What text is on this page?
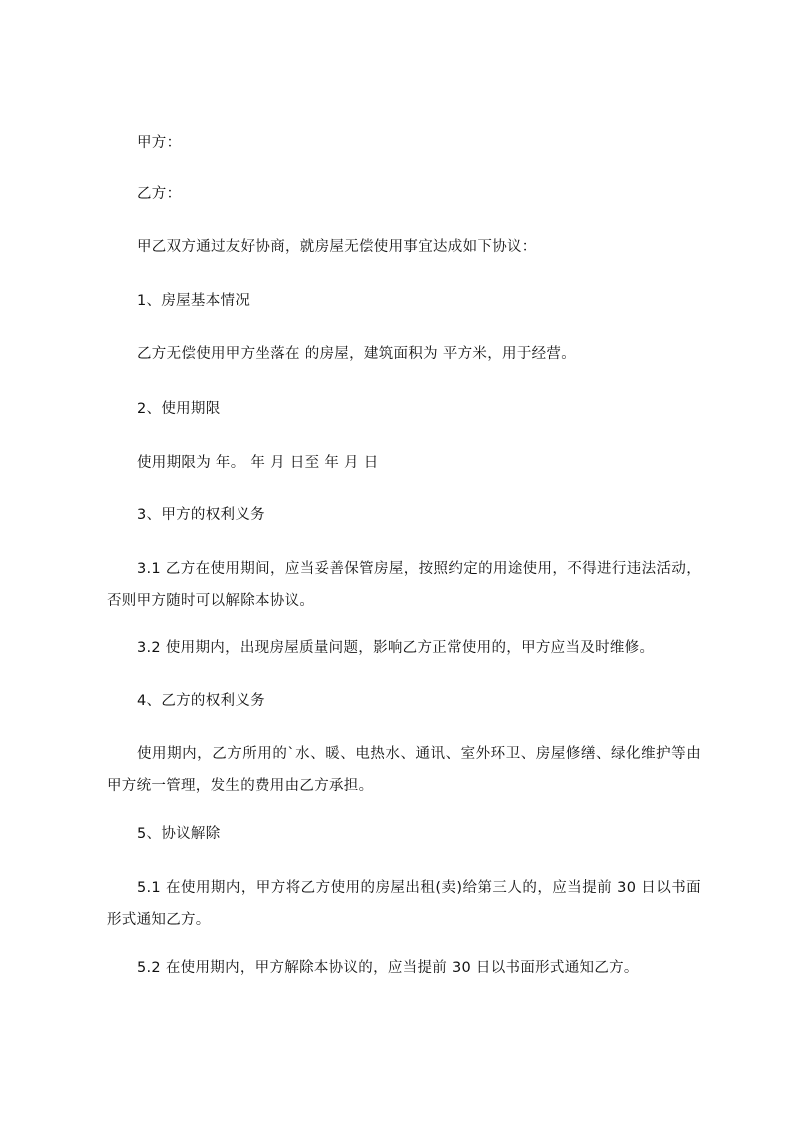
甲方：
乙方：
甲乙双方通过友好协商，就房屋无偿使用事宜达成如下协议：
1、房屋基本情况
乙方无偿使用甲方坐落在 的房屋，建筑面积为 平方米，用于经营。
2、使用期限
使用期限为 年。 年 月 日至 年 月 日
3、甲方的权利义务
3.1 乙方在使用期间，应当妥善保管房屋，按照约定的用途使用，不得进行违法活动，否则甲方随时可以解除本协议。
3.2 使用期内，出现房屋质量问题，影响乙方正常使用的，甲方应当及时维修。
4、乙方的权利义务
使用期内，乙方所用的`水、暖、电热水、通讯、室外环卫、房屋修缮、绿化维护等由甲方统一管理，发生的费用由乙方承担。
5、协议解除
5.1 在使用期内，甲方将乙方使用的房屋出租(卖)给第三人的，应当提前 30 日以书面形式通知乙方。
5.2 在使用期内，甲方解除本协议的，应当提前 30 日以书面形式通知乙方。
